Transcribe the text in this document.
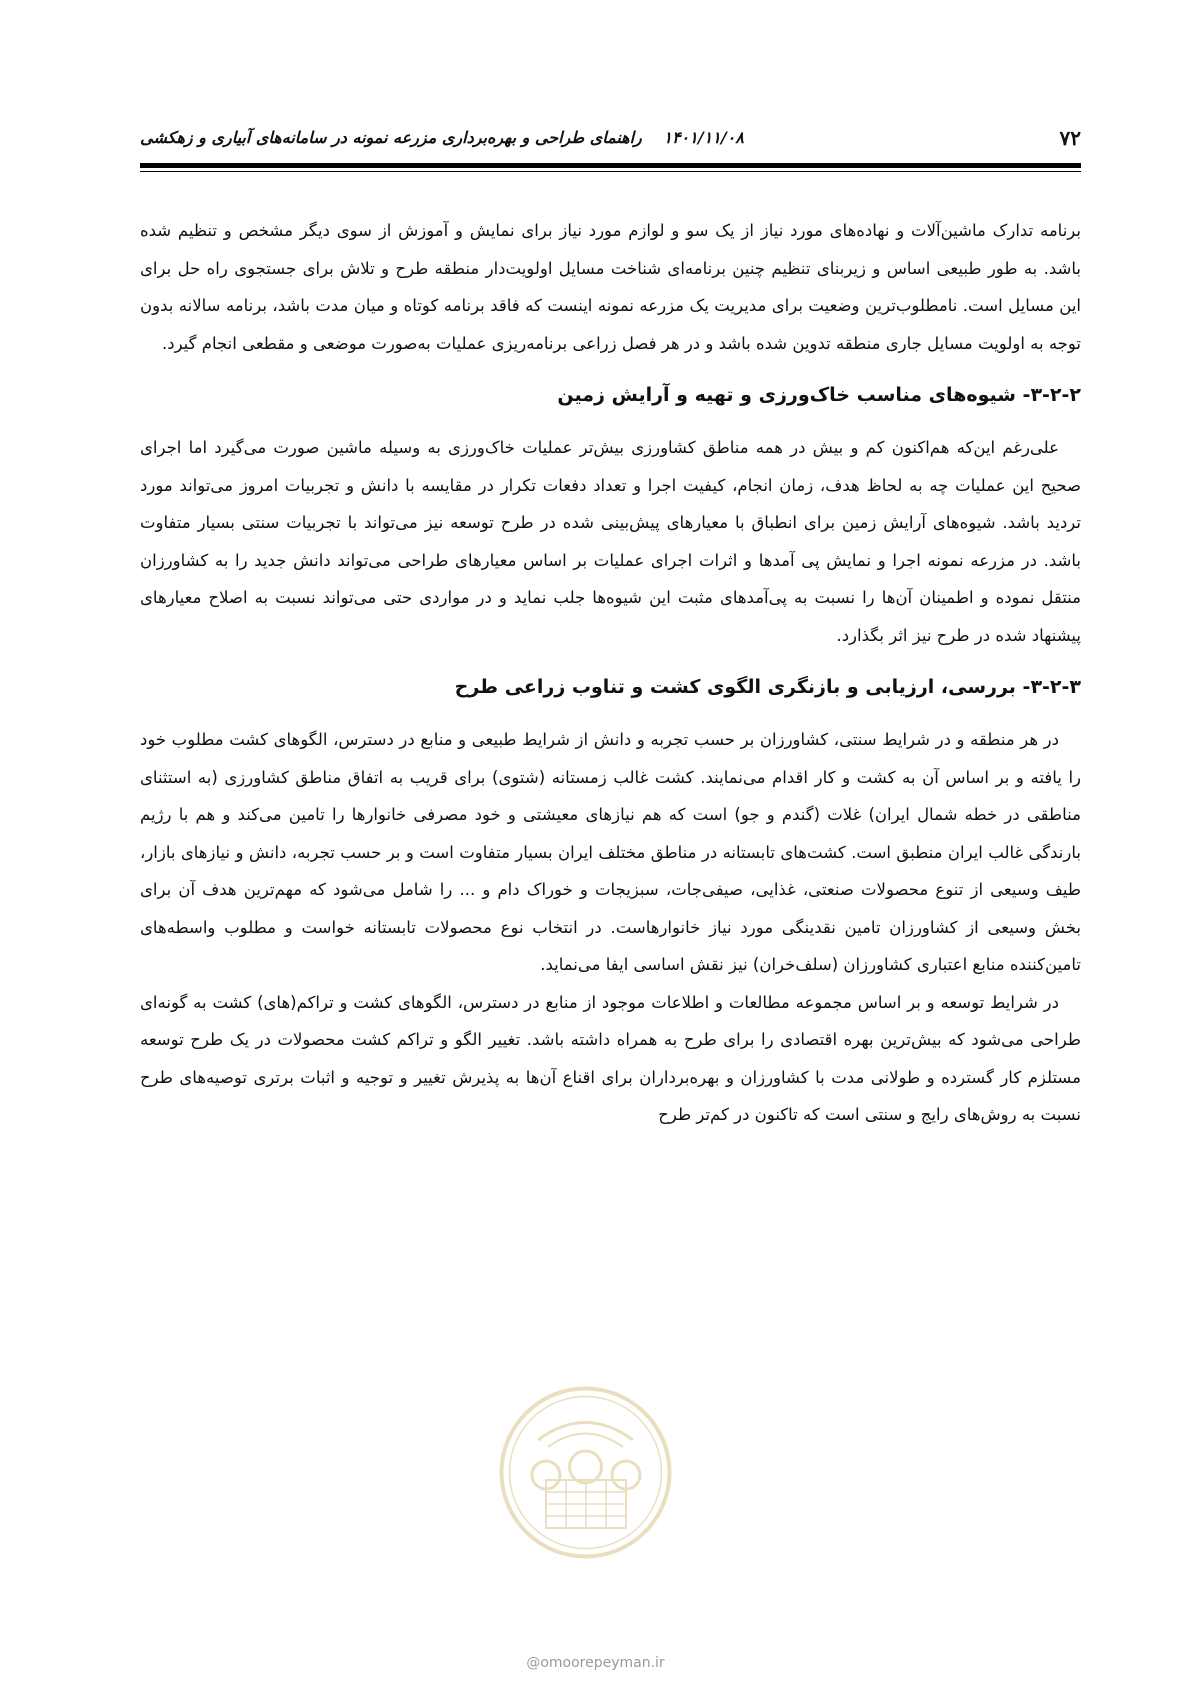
۷۲
۱۴۰۱/۱۱/۰۸ راهنمای طراحی و بهره‌برداری مزرعه نمونه در سامانه‌های آبیاری و زهکشی

برنامه تدارک ماشین‌آلات و نهاده‌های مورد نیاز از یک سو و لوازم مورد نیاز برای نمایش و آموزش از سوی دیگر مشخص و تنظیم شده باشد. به طور طبیعی اساس و زیربنای تنظیم چنین برنامه‌ای شناخت مسایل اولویت‌دار منطقه طرح و تلاش برای جستجوی راه حل برای این مسایل است. نامطلوب‌ترین وضعیت برای مدیریت یک مزرعه نمونه اینست که فاقد برنامه کوتاه و میان مدت باشد، برنامه سالانه بدون توجه به اولویت مسایل جاری منطقه تدوین شده باشد و در هر فصل زراعی برنامه‌ریزی عملیات به‌صورت موضعی و مقطعی انجام گیرد.

۳-۲-۲- شیوه‌های مناسب خاک‌ورزی و تهیه و آرایش زمین

علی‌رغم این‌که هم‌اکنون کم و بیش در همه مناطق کشاورزی بیش‌تر عملیات خاک‌ورزی به وسیله ماشین صورت می‌گیرد اما اجرای صحیح این عملیات چه به لحاظ هدف، زمان انجام، کیفیت اجرا و تعداد دفعات تکرار در مقایسه با دانش و تجربیات امروز می‌تواند مورد تردید باشد. شیوه‌های آرایش زمین برای انطباق با معیارهای پیش‌بینی شده در طرح توسعه نیز می‌تواند با تجربیات سنتی بسیار متفاوت باشد. در مزرعه نمونه اجرا و نمایش پی آمدها و اثرات اجرای عملیات بر اساس معیارهای طراحی می‌تواند دانش جدید را به کشاورزان منتقل نموده و اطمینان آن‌ها را نسبت به پی‌آمدهای مثبت این شیوه‌ها جلب نماید و در مواردی حتی می‌تواند نسبت به اصلاح معیارهای پیشنهاد شده در طرح نیز اثر بگذارد.

۳-۲-۳- بررسی، ارزیابی و بازنگری الگوی کشت و تناوب زراعی طرح

در هر منطقه و در شرایط سنتی، کشاورزان بر حسب تجربه و دانش از شرایط طبیعی و منابع در دسترس، الگوهای کشت مطلوب خود را یافته و بر اساس آن به کشت و کار اقدام می‌نمایند. کشت غالب زمستانه (شتوی) برای قریب به اتفاق مناطق کشاورزی (به استثنای مناطقی در خطه شمال ایران) غلات (گندم و جو) است که هم نیازهای معیشتی و خود مصرفی خانوارها را تامین می‌کند و هم با رژیم بارندگی غالب ایران منطبق است. کشت‌های تابستانه در مناطق مختلف ایران بسیار متفاوت است و بر حسب تجربه، دانش و نیازهای بازار، طیف وسیعی از تنوع محصولات صنعتی، غذایی، صیفی‌جات، سبزیجات و خوراک دام و ... را شامل می‌شود که مهم‌ترین هدف آن برای بخش وسیعی از کشاورزان تامین نقدینگی مورد نیاز خانوارهاست. در انتخاب نوع محصولات تابستانه خواست و مطلوب واسطه‌های تامین‌کننده منابع اعتباری کشاورزان (سلف‌خران) نیز نقش اساسی ایفا می‌نماید.

در شرایط توسعه و بر اساس مجموعه مطالعات و اطلاعات موجود از منابع در دسترس، الگوهای کشت و تراکم(های) کشت به گونه‌ای طراحی می‌شود که بیش‌ترین بهره اقتصادی را برای طرح به همراه داشته باشد. تغییر الگو و تراکم کشت محصولات در یک طرح توسعه مستلزم کار گسترده و طولانی مدت با کشاورزان و بهره‌برداران برای اقناع آن‌ها به پذیرش تغییر و توجیه و اثبات برتری توصیه‌های طرح نسبت به روش‌های رایج و سنتی است که تاکنون در کم‌تر طرح

@omoorepeyman.ir
